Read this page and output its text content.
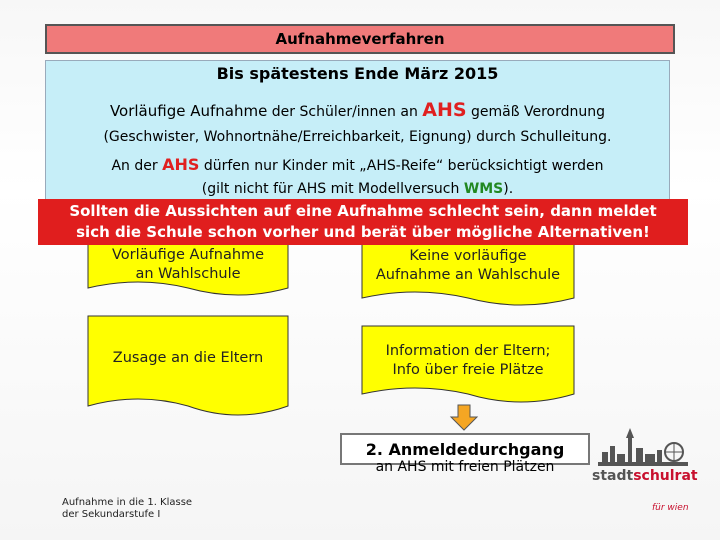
Aufnahmeverfahren
Bis spätestens Ende März 2015
Vorläufige Aufnahme der Schüler/innen an AHS gemäß Verordnung
(Geschwister, Wohnortnähe/Erreichbarkeit, Eignung) durch Schulleitung.
An der AHS dürfen nur Kinder mit „AHS-Reife“ berücksichtigt werden
(gilt nicht für AHS mit Modellversuch WMS).
Vorläufige Aufnahme
an Wahlschule
Keine vorläufige
Aufnahme an Wahlschule
Zusage an die Eltern	Information der Eltern;
Info über freie Plätze
Sollten die Aussichten auf eine Aufnahme schlecht sein, dann meldet
sich die Schule schon vorher und berät über mögliche Alternativen!
2. Anmeldedurchgang
an AHS mit freien Plätzen
Aufnahme in die 1. Klasse
der Sekundarstufe I
stadtschulrat
für wien
